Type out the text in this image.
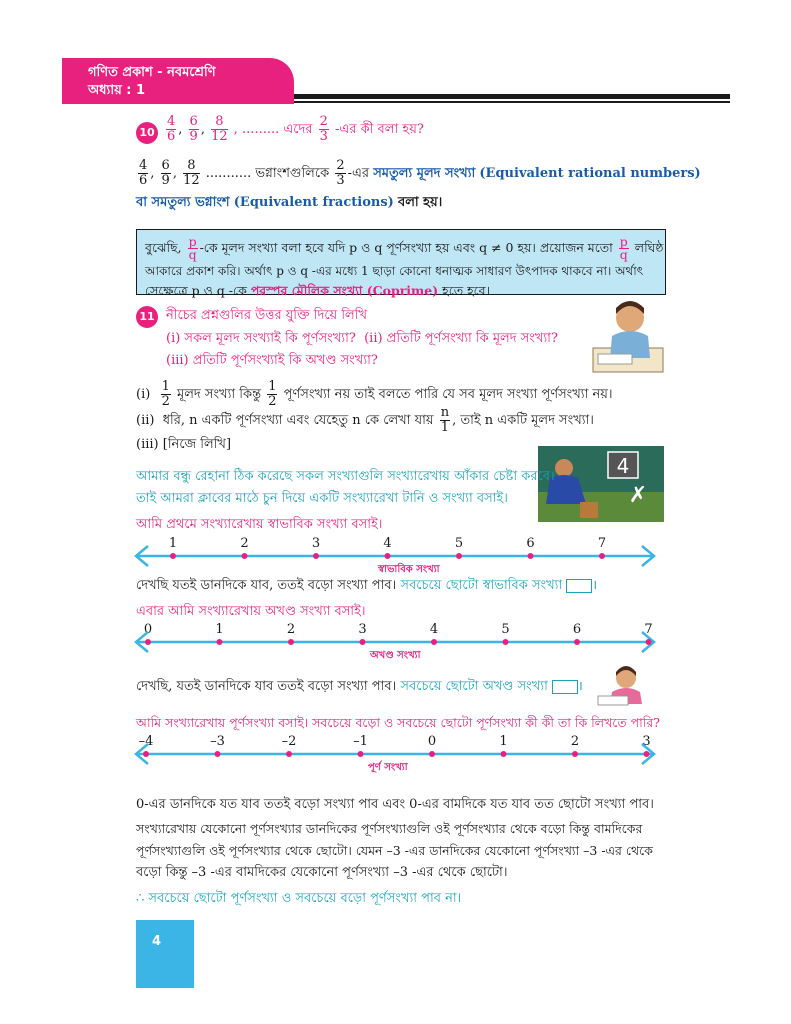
গণিত প্রকাশ - নবমশ্রেণি
অধ্যায় : 1
$10 \frac{4}{6}$ , $\frac{6}{9}$ , $\frac{8}{12}$ , ......... এদের $\frac{2}{3}$ -এর কী বলা হয়?
$\frac{4}{6}$ , $\frac{6}{9}$ , $\frac{8}{12}$ ........... ভগ্নাংশগুলিকে $\frac{2}{3}$ -এর সমতুল্য মূলদ সংখ্যা (Equivalent rational numbers)
বা সমতুল্য ভগ্নাংশ (Equivalent fractions) বলা হয়।
বুঝেছি, $\frac{p}{q}$ -কে মূলদ সংখ্যা বলা হবে যদি p ও q পূর্ণসংখ্যা হয় এবং q ≠ 0 হয়। প্রয়োজন মতো $\frac{p}{q}$ লঘিষ্ঠ
আকারে প্রকাশ করি। অর্থাৎ p ও q -এর মধ্যে 1 ছাড়া কোনো ধনাত্মক সাধারণ উৎপাদক থাকবে না। অর্থাৎ
সেক্ষেত্রে p ও q -কে পরস্পর মৌলিক সংখ্যা (Coprime) হতে হবে।
11 নীচের প্রশ্নগুলির উত্তর যুক্তি দিয়ে লিখি
(i) সকল মূলদ সংখ্যাই কি পূর্ণসংখ্যা? (ii) প্রতিটি পূর্ণসংখ্যা কি মূলদ সংখ্যা?
(iii) প্রতিটি পূর্ণসংখ্যাই কি অখণ্ড সংখ্যা?
$(i) \frac{1}{2}$ মূলদ সংখ্যা কিন্তু $\frac{1}{2}$ পূর্ণসংখ্যা নয় তাই বলতে পারি যে সব মূলদ সংখ্যা পূর্ণসংখ্যা নয়।
(ii) ধরি, n একটি পূর্ণসংখ্যা এবং যেহেতু n কে লেখা যায় $\frac{n}{1}$ , তাই n একটি মূলদ সংখ্যা।
(iii) [নিজে লিখি]
4
✗
আমার বন্ধু রেহানা ঠিক করেছে সকল সংখ্যাগুলি সংখ্যারেখায় আঁকার চেষ্টা করবে।
তাই আমরা ক্লাবের মাঠে চুন দিয়ে একটি সংখ্যারেখা টানি ও সংখ্যা বসাই।
আমি প্রথমে সংখ্যারেখায় স্বাভাবিক সংখ্যা বসাই।
1	2	3	4	5	6	7
স্বাভাবিক সংখ্যা
0	1	2	3	4	5	6	7
অখণ্ড সংখ্যা
–4	–3	–2	–1	0	1	2	3
পূর্ণ সংখ্যা
দেখছি যতই ডানদিকে যাব, ততই বড়ো সংখ্যা পাব। সবচেয়ে ছোটো স্বাভাবিক সংখ্যা ।
এবার আমি সংখ্যারেখায় অখণ্ড সংখ্যা বসাই।
দেখছি, যতই ডানদিকে যাব ততই বড়ো সংখ্যা পাব। সবচেয়ে ছোটো অখণ্ড সংখ্যা ।
আমি সংখ্যারেখায় পূর্ণসংখ্যা বসাই। সবচেয়ে বড়ো ও সবচেয়ে ছোটো পূর্ণসংখ্যা কী কী তা কি লিখতে পারি?
0-এর ডানদিকে যত যাব ততই বড়ো সংখ্যা পাব এবং 0-এর বামদিকে যত যাব তত ছোটো সংখ্যা পাব।
সংখ্যারেখায় যেকোনো পূর্ণসংখ্যার ডানদিকের পূর্ণসংখ্যাগুলি ওই পূর্ণসংখ্যার থেকে বড়ো কিন্তু বামদিকের
পূর্ণসংখ্যাগুলি ওই পূর্ণসংখ্যার থেকে ছোটো। যেমন –3 -এর ডানদিকের যেকোনো পূর্ণসংখ্যা –3 -এর থেকে
বড়ো কিন্তু –3 -এর বামদিকের যেকোনো পূর্ণসংখ্যা –3 -এর থেকে ছোটো।
∴ সবচেয়ে ছোটো পূর্ণসংখ্যা ও সবচেয়ে বড়ো পূর্ণসংখ্যা পাব না।
4
